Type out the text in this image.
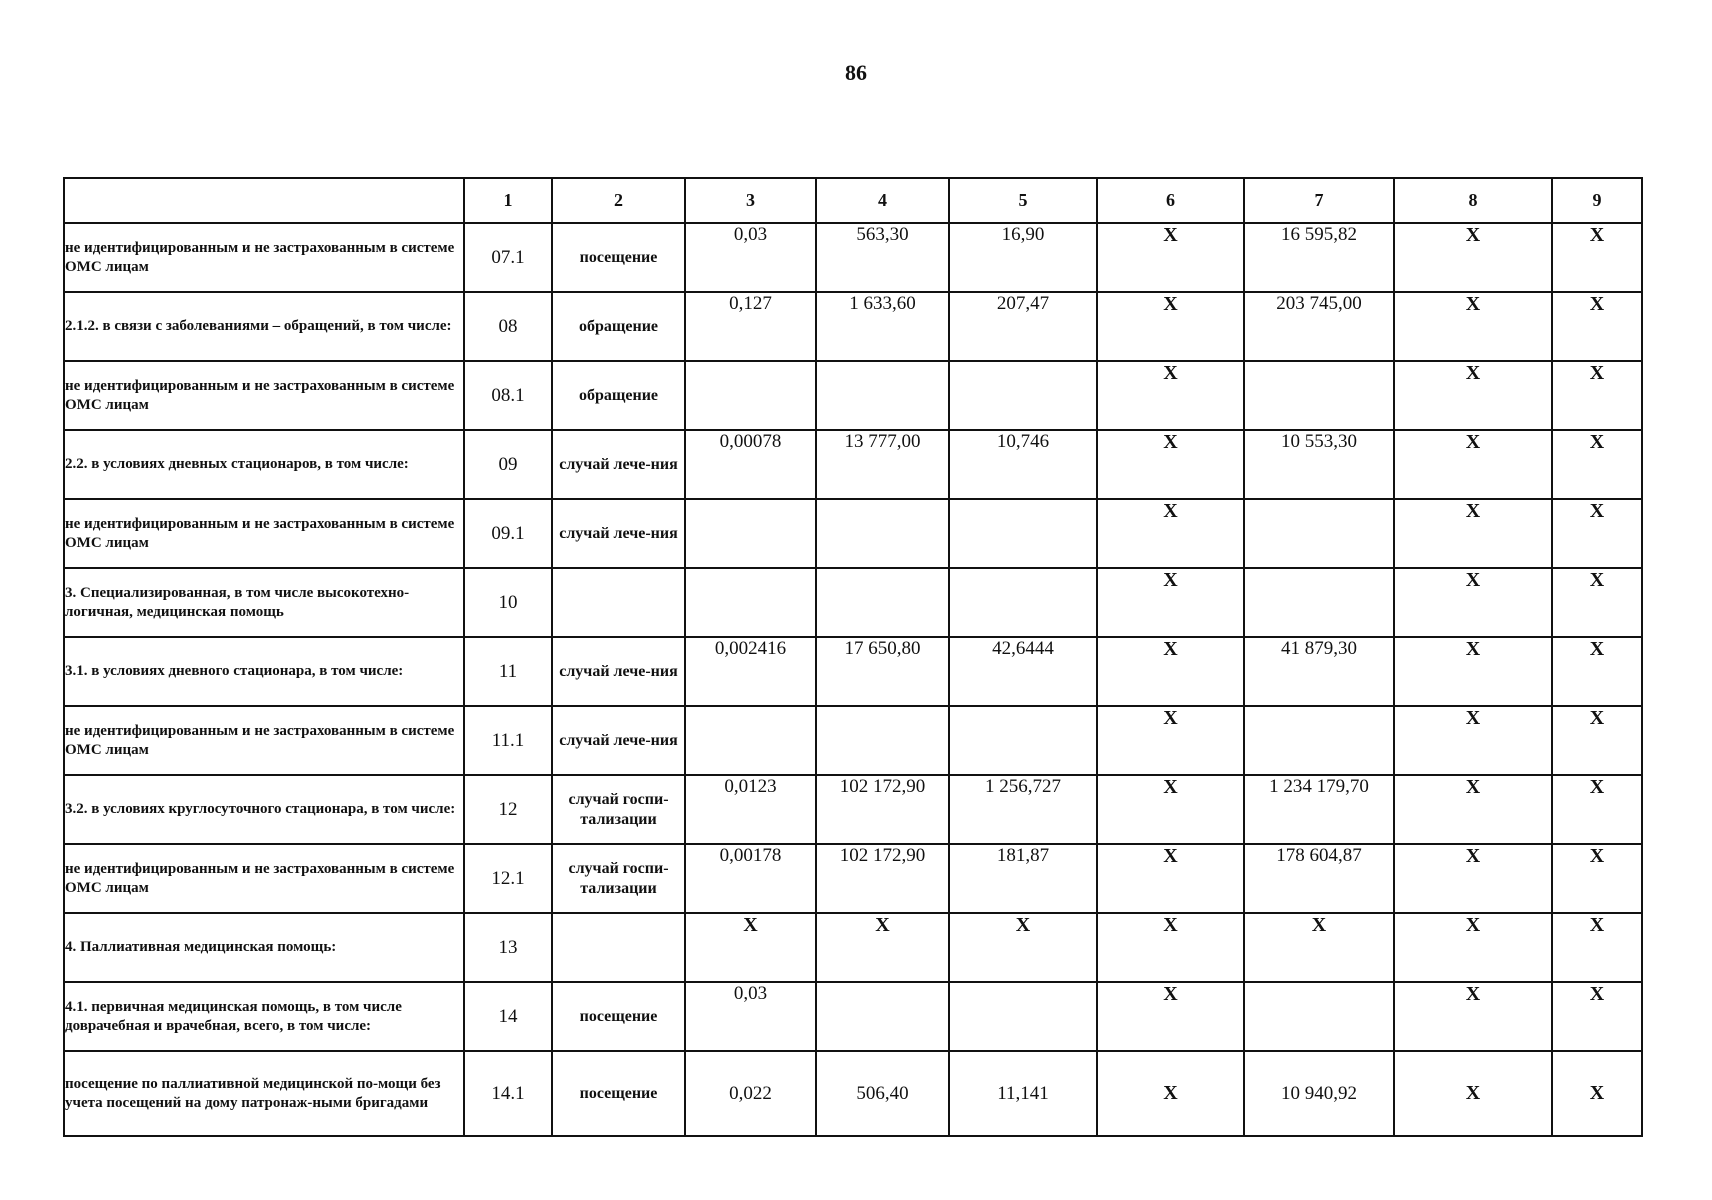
86
	1	2	3	4	5	6	7	8	9
не идентифицированным и не застрахованным в системе ОМС лицам	07.1	посещение	0,03	563,30	16,90	X	16 595,82	X	X
2.1.2. в связи с заболеваниями – обращений, в том числе:	08	обращение	0,127	1 633,60	207,47	X	203 745,00	X	X
не идентифицированным и не застрахованным в системе ОМС лицам	08.1	обращение				X		X	X
2.2. в условиях дневных стационаров, в том числе:	09	случай лече-ния	0,00078	13 777,00	10,746	X	10 553,30	X	X
не идентифицированным и не застрахованным в системе ОМС лицам	09.1	случай лече-ния				X		X	X
3. Специализированная, в том числе высокотехно-логичная, медицинская помощь	10					X		X	X
3.1. в условиях дневного стационара, в том числе:	11	случай лече-ния	0,002416	17 650,80	42,6444	X	41 879,30	X	X
не идентифицированным и не застрахованным в системе ОМС лицам	11.1	случай лече-ния				X		X	X
3.2. в условиях круглосуточного стационара, в том числе:	12	случай госпи-тализации	0,0123	102 172,90	1 256,727	X	1 234 179,70	X	X
не идентифицированным и не застрахованным в системе ОМС лицам	12.1	случай госпи-тализации	0,00178	102 172,90	181,87	X	178 604,87	X	X
4. Паллиативная медицинская помощь:	13		X	X	X	X	X	X	X
4.1. первичная медицинская помощь, в том числе доврачебная и врачебная, всего, в том числе:	14	посещение	0,03			X		X	X
посещение по паллиативной медицинской по-мощи без учета посещений на дому патронаж-ными бригадами	14.1	посещение	0,022	506,40	11,141	X	10 940,92	X	X
